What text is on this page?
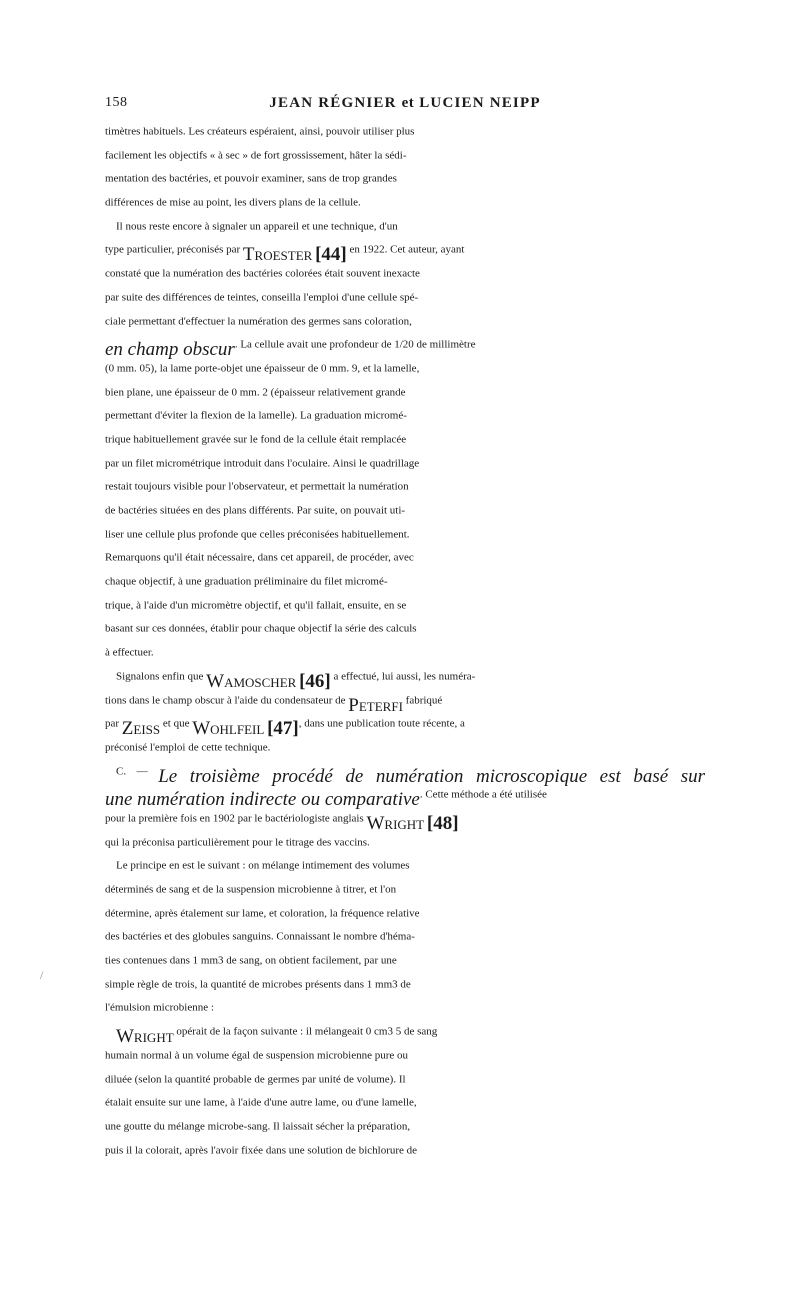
158	JEAN RÉGNIER et LUCIEN NEIPP
$^{timètres habituels. Les créateurs espéraient, ainsi, pouvoir utiliser plus}$
$^{facilement les objectifs « à sec » de fort grossissement, hâter la sédi-}$
$^{mentation des bactéries, et pouvoir examiner, sans de trop grandes}$
$^{différences de mise au point, les divers plans de la cellule.}$
 $^{Il nous reste encore à signaler un appareil et une technique, d'un}$
$^{type particulier, préconisés par}$ Troester [44] $^{en 1922. Cet auteur, ayant}$
$^{constaté que la numération des bactéries colorées était souvent inexacte}$
$^{par suite des différences de teintes, conseilla l'emploi d'une cellule spé-}$
$^{ciale permettant d'effectuer la numération des germes sans coloration,}$
en champ obscur$^{. La cellule avait une profondeur de 1/20 de millimètre}$
$^{(0 mm. 05), la lame porte-objet une épaisseur de 0 mm. 9, et la lamelle,}$
$^{bien plane, une épaisseur de 0 mm. 2 (épaisseur relativement grande}$
$^{permettant d'éviter la flexion de la lamelle). La graduation micromé-}$
$^{trique habituellement gravée sur le fond de la cellule était remplacée}$
$^{par un filet micrométrique introduit dans l'oculaire. Ainsi le quadrillage}$
$^{restait toujours visible pour l'observateur, et permettait la numération}$
$^{de bactéries situées en des plans différents. Par suite, on pouvait uti-}$
$^{liser une cellule plus profonde que celles préconisées habituellement.}$
$^{Remarquons qu'il était nécessaire, dans cet appareil, de procéder, avec}$
$^{chaque objectif, à une graduation préliminaire du filet micromé-}$
$^{trique, à l'aide d'un micromètre objectif, et qu'il fallait, ensuite, en se}$
$^{basant sur ces données, établir pour chaque objectif la série des calculs}$
$^{à effectuer.}$
 $^{Signalons enfin que}$ Wamoscher [46] $^{a effectué, lui aussi, les numéra-}$
$^{tions dans le champ obscur à l'aide du condensateur de}$ Peterfi $^{fabriqué}$
$^{par}$ Zeiss $^{et que}$ Wohlfeil $[47]^{, dans une publication toute récente, a}$
$^{préconisé l'emploi de cette technique.}$
 $^{C. —}$ Le troisième procédé de numération microscopique est basé sur
une numération indirecte ou comparative$^{. Cette méthode a été utilisée}$
$^{pour la première fois en 1902 par le bactériologiste anglais}$ Wright [48]
$^{qui la préconisa particulièrement pour le titrage des vaccins.}$
 $^{Le principe en est le suivant : on mélange intimement des volumes}$
$^{déterminés de sang et de la suspension microbienne à titrer, et l'on}$
$^{détermine, après étalement sur lame, et coloration, la fréquence relative}$
$^{des bactéries et des globules sanguins. Connaissant le nombre d'héma-}$
$^{ties contenues dans 1 mm3}$ $^{de sang, on obtient facilement, par une}$
$^{simple règle de trois, la quantité de microbes présents dans 1 mm3}$ $^{de}$
$^{l'émulsion microbienne :}$
 Wright $^{opérait de la façon suivante : il mélangeait 0 cm3}$ $^{5 de sang}$
$^{humain normal à un volume égal de suspension microbienne pure ou}$
$^{diluée (selon la quantité probable de germes par unité de volume). Il}$
$^{étalait ensuite sur une lame, à l'aide d'une autre lame, ou d'une lamelle,}$
$^{une goutte du mélange microbe-sang. Il laissait sécher la préparation,}$
$^{puis il la colorait, après l'avoir fixée dans une solution de bichlorure de}$
/
